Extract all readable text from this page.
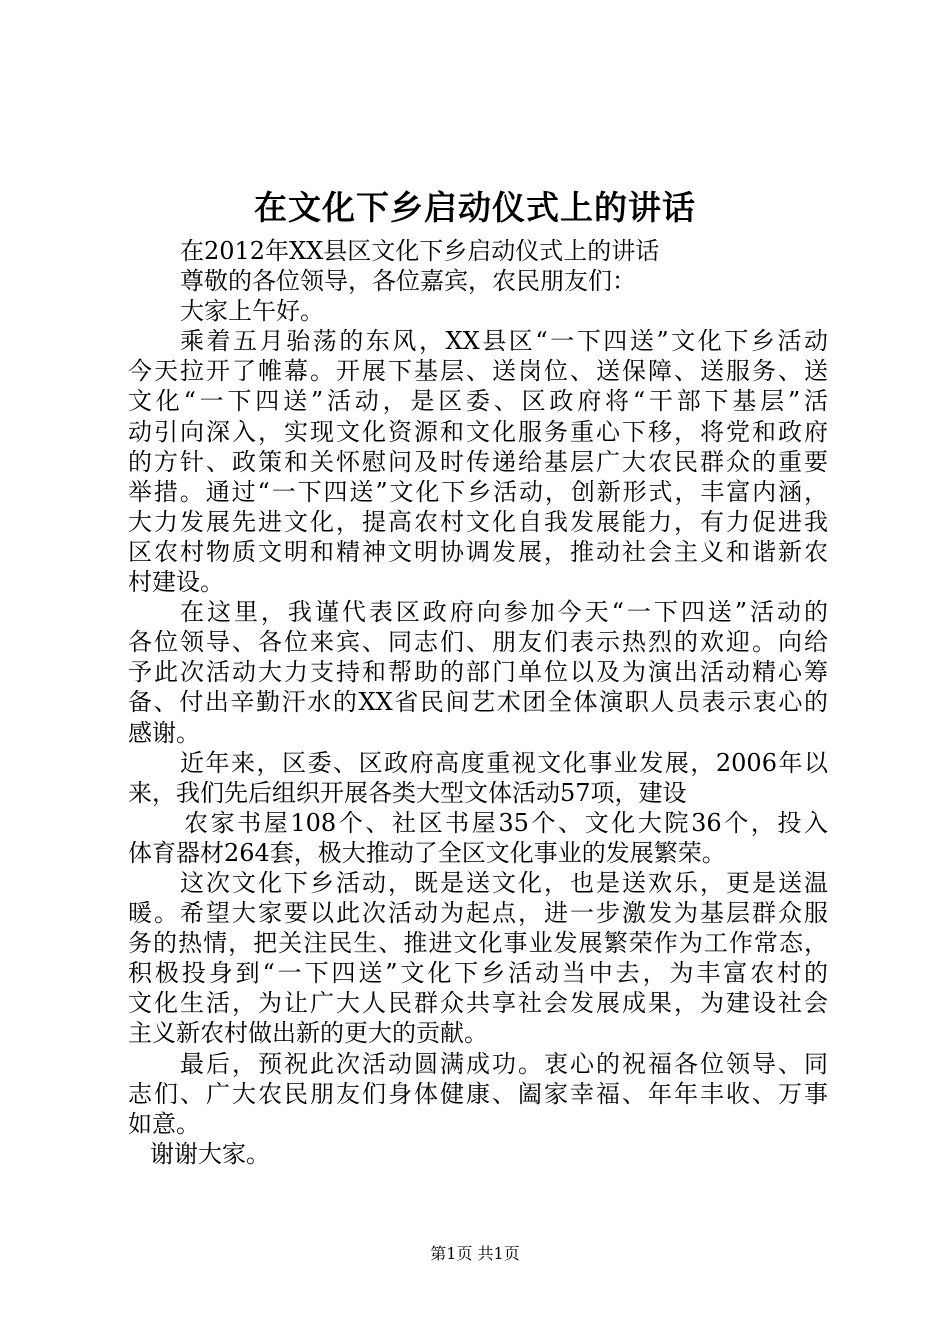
在文化下乡启动仪式上的讲话
在2012年XX县区文化下乡启动仪式上的讲话
尊敬的各位领导，各位嘉宾，农民朋友们：
大家上午好。
乘着五月骀荡的东风，XX县区“一下四送”文化下乡活动
今天拉开了帷幕。开展下基层、送岗位、送保障、送服务、送
文化“一下四送”活动，是区委、区政府将“干部下基层”活
动引向深入，实现文化资源和文化服务重心下移，将党和政府
的方针、政策和关怀慰问及时传递给基层广大农民群众的重要
举措。通过“一下四送”文化下乡活动，创新形式，丰富内涵，
大力发展先进文化，提高农村文化自我发展能力，有力促进我
区农村物质文明和精神文明协调发展，推动社会主义和谐新农
村建设。
在这里，我谨代表区政府向参加今天“一下四送”活动的
各位领导、各位来宾、同志们、朋友们表示热烈的欢迎。向给
予此次活动大力支持和帮助的部门单位以及为演出活动精心筹
备、付出辛勤汗水的XX省民间艺术团全体演职人员表示衷心的
感谢。
近年来，区委、区政府高度重视文化事业发展，2006年以
来，我们先后组织开展各类大型文体活动57项，建设
农家书屋108个、社区书屋35个、文化大院36个，投入
体育器材264套，极大推动了全区文化事业的发展繁荣。
这次文化下乡活动，既是送文化，也是送欢乐，更是送温
暖。希望大家要以此次活动为起点，进一步激发为基层群众服
务的热情，把关注民生、推进文化事业发展繁荣作为工作常态，
积极投身到“一下四送”文化下乡活动当中去，为丰富农村的
文化生活，为让广大人民群众共享社会发展成果，为建设社会
主义新农村做出新的更大的贡献。
最后，预祝此次活动圆满成功。衷心的祝福各位领导、同
志们、广大农民朋友们身体健康、阖家幸福、年年丰收、万事
如意。
谢谢大家。
第1页 共1页
